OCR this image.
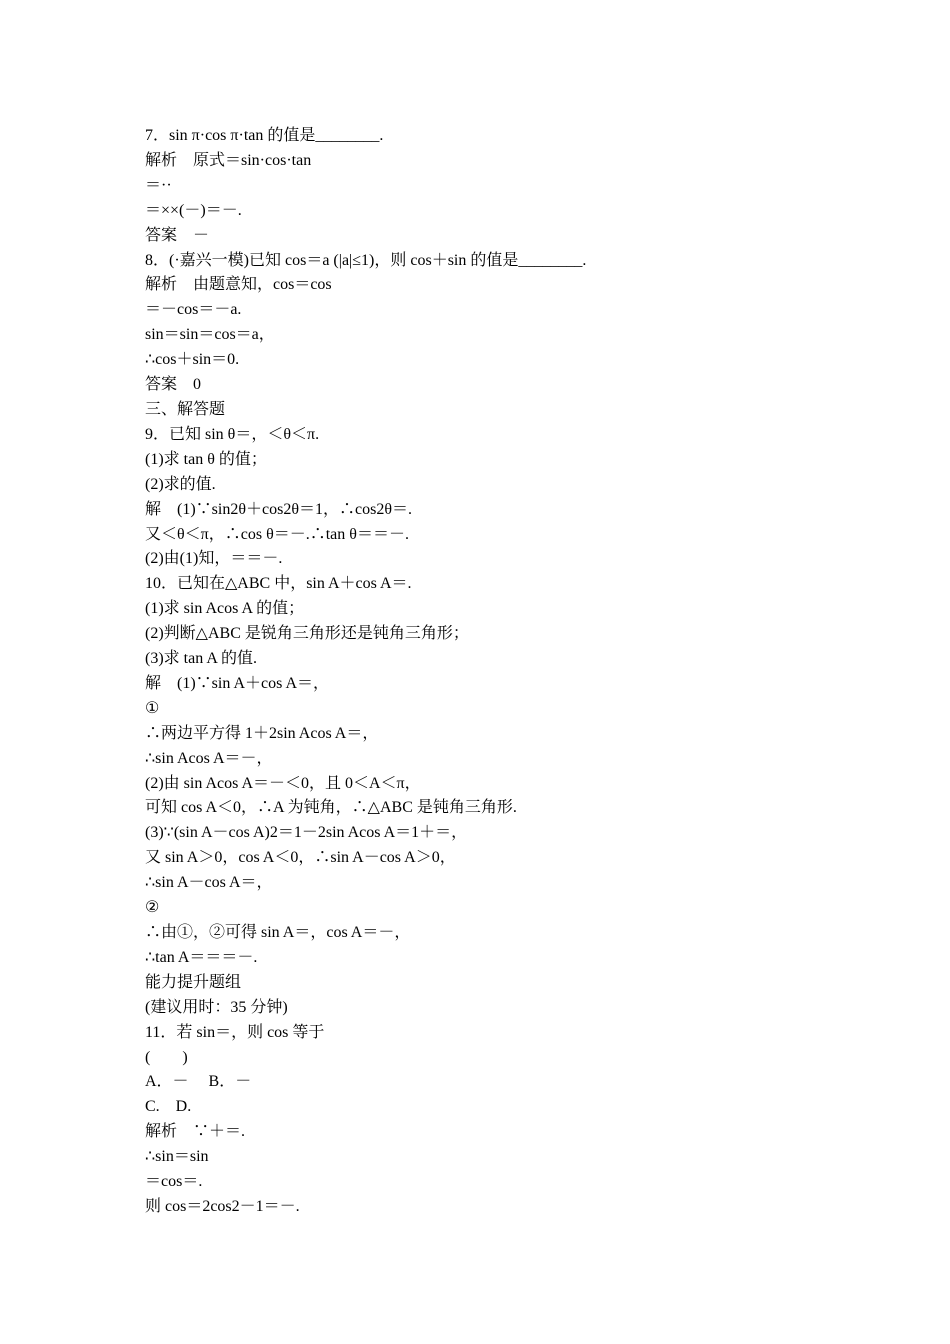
7．sin π·cos π·tan 的值是________.
解析　原式＝sin·cos·tan
＝··
＝××(－)＝－.
答案　－
8．(·嘉兴一模)已知 cos＝a (|a|≤1)，则 cos＋sin 的值是________.
解析　由题意知，cos＝cos
＝－cos＝－a.
sin＝sin＝cos＝a，
∴cos＋sin＝0.
答案　0
三、解答题
9．已知 sin θ＝，＜θ＜π.
(1)求 tan θ 的值；
(2)求的值.
解　(1)∵sin2θ＋cos2θ＝1，∴cos2θ＝.
又＜θ＜π，∴cos θ＝－.∴tan θ＝＝－.
(2)由(1)知，＝＝－.
10．已知在△ABC 中，sin A＋cos A＝.
(1)求 sin Acos A 的值；
(2)判断△ABC 是锐角三角形还是钝角三角形；
(3)求 tan A 的值.
解　(1)∵sin A＋cos A＝，
①
∴两边平方得 1＋2sin Acos A＝，
∴sin Acos A＝－，
(2)由 sin Acos A＝－＜0，且 0＜A＜π，
可知 cos A＜0，∴A 为钝角，∴△ABC 是钝角三角形.
(3)∵(sin A－cos A)2＝1－2sin Acos A＝1＋＝，
又 sin A＞0，cos A＜0，∴sin A－cos A＞0，
∴sin A－cos A＝，
②
∴由①，②可得 sin A＝，cos A＝－，
∴tan A＝＝＝－.
能力提升题组
(建议用时：35 分钟)
11．若 sin＝，则 cos 等于
(　　)
A．－　 B．－
C.　D.
解析　∵＋＝.
∴sin＝sin
＝cos＝.
则 cos＝2cos2－1＝－.
